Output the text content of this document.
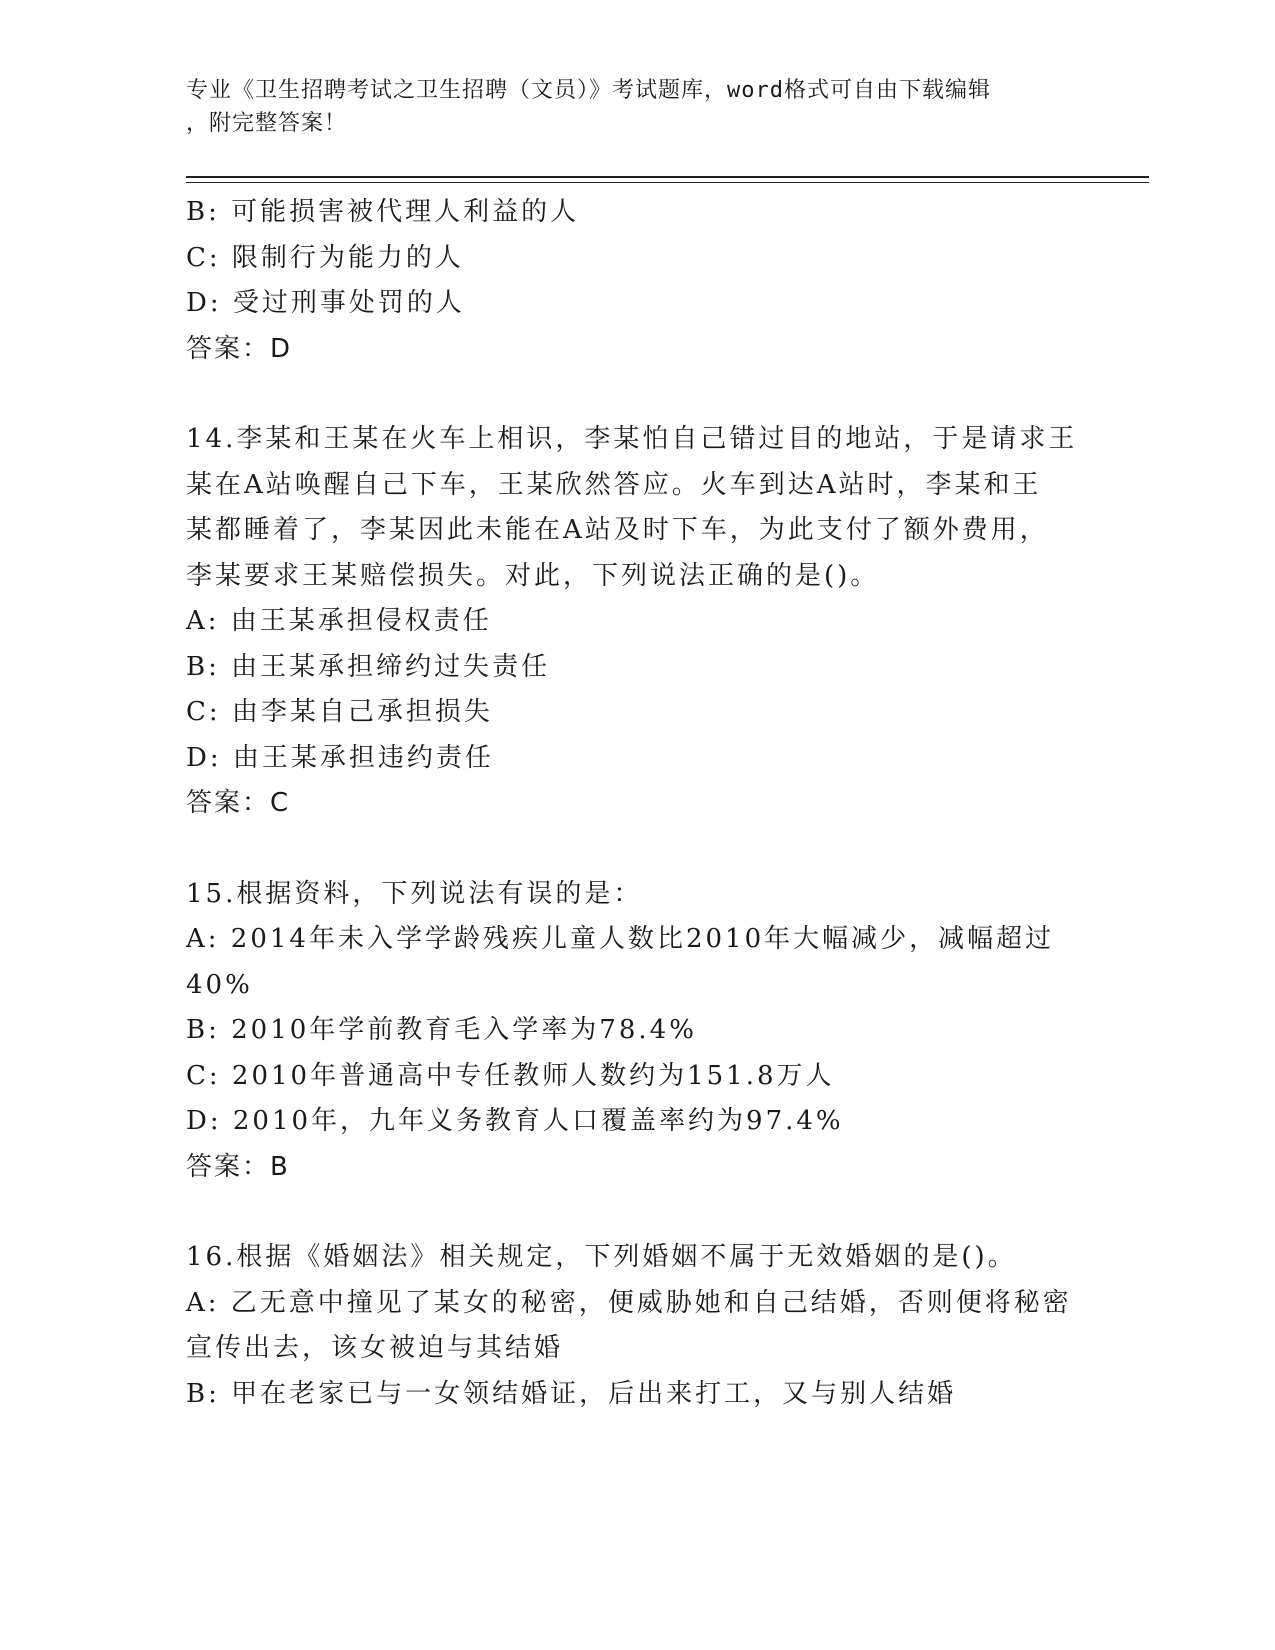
专业《卫生招聘考试之卫生招聘（文员）》考试题库，word格式可自由下载编辑
，附完整答案！
B: 可能损害被代理人利益的人
C: 限制行为能力的人
D: 受过刑事处罚的人
答案：D
14.李某和王某在火车上相识，李某怕自己错过目的地站，于是请求王
某在A站唤醒自己下车，王某欣然答应。火车到达A站时，李某和王
某都睡着了，李某因此未能在A站及时下车，为此支付了额外费用，
李某要求王某赔偿损失。对此，下列说法正确的是()。
A: 由王某承担侵权责任
B: 由王某承担缔约过失责任
C: 由李某自己承担损失
D: 由王某承担违约责任
答案：C
15.根据资料，下列说法有误的是：
A: 2014年未入学学龄残疾儿童人数比2010年大幅减少，减幅超过
40%
B: 2010年学前教育毛入学率为78.4%
C: 2010年普通高中专任教师人数约为151.8万人
D: 2010年，九年义务教育人口覆盖率约为97.4%
答案：B
16.根据《婚姻法》相关规定，下列婚姻不属于无效婚姻的是()。
A: 乙无意中撞见了某女的秘密，便威胁她和自己结婚，否则便将秘密
宣传出去，该女被迫与其结婚
B: 甲在老家已与一女领结婚证，后出来打工，又与别人结婚
